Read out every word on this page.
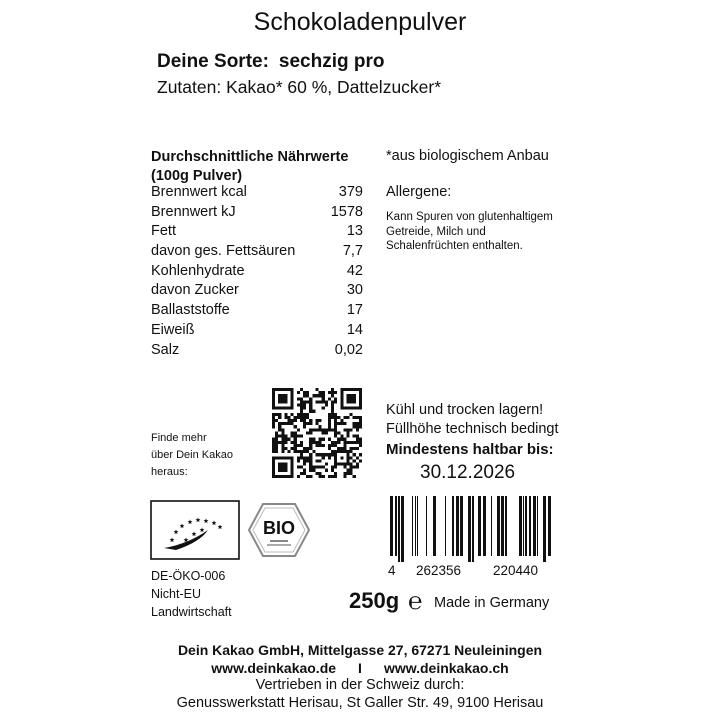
Schokoladenpulver
Deine Sorte: sechzig pro
Zutaten: Kakao* 60 %, Dattelzucker*
Durchschnittliche Nährwerte
(100g Pulver)
Brennwert kcal	379
Brennwert kJ	1578
Fett	13
davon ges. Fettsäuren	7,7
Kohlenhydrate	42
davon Zucker	30
Ballaststoffe	17
Eiweiß	14
Salz	0,02
*aus biologischem Anbau
Allergene:
Kann Spuren von glutenhaltigem Getreide, Milch und Schalenfrüchten enthalten.
Finde mehr
über Dein Kakao
heraus:
Kühl und trocken lagern!
Füllhöhe technisch bedingt
Mindestens haltbar bis:
30.12.2026
BIO
DE-ÖKO-006
Nicht-EU
Landwirtschaft
4 262356 220440
250g ℮ Made in Germany
Dein Kakao GmbH, Mittelgasse 27, 67271 Neuleiningen
www.deinkakao.de I www.deinkakao.ch
Vertrieben in der Schweiz durch:
Genusswerkstatt Herisau, St Galler Str. 49, 9100 Herisau
